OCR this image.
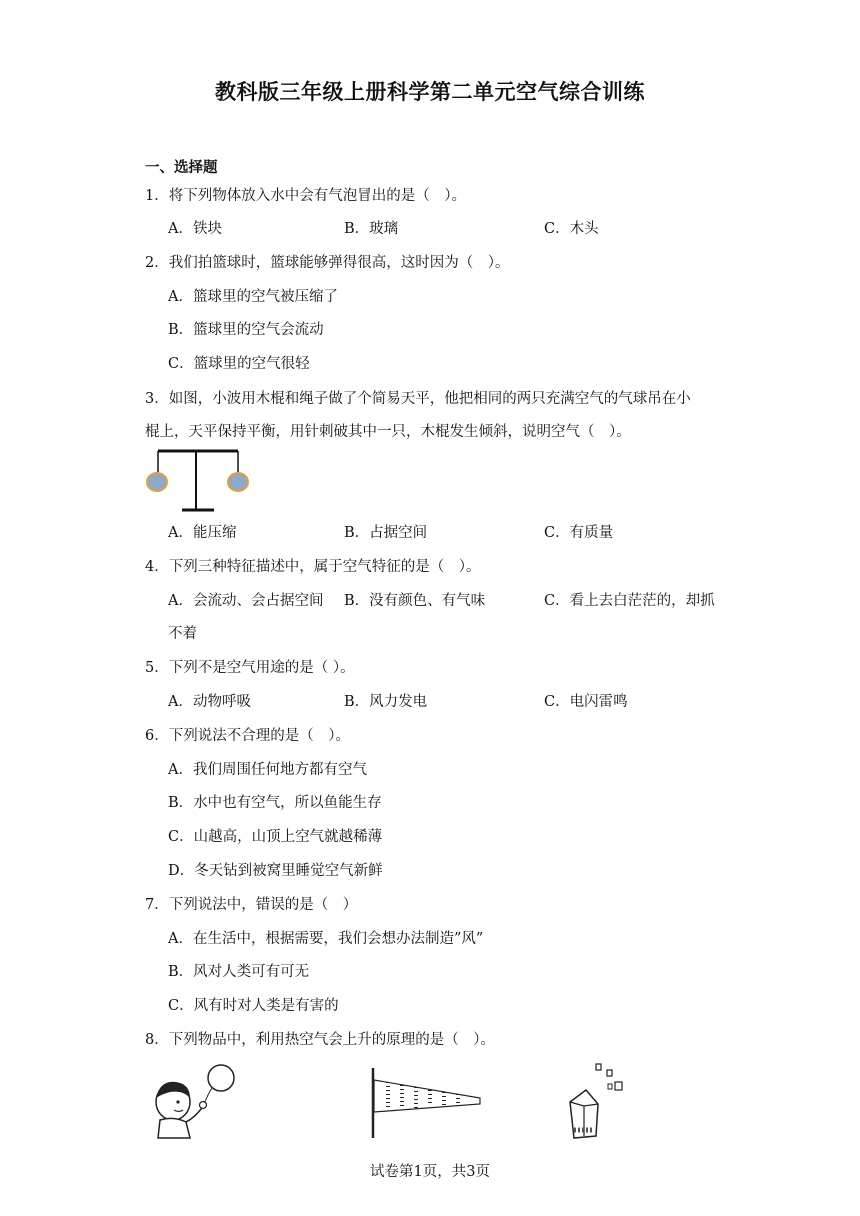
教科版三年级上册科学第二单元空气综合训练
一、选择题
1．将下列物体放入水中会有气泡冒出的是（　）。
A．铁块	B．玻璃	C．木头
2．我们拍篮球时，篮球能够弹得很高，这时因为（　）。
A．篮球里的空气被压缩了
B．篮球里的空气会流动
C．篮球里的空气很轻
3．如图，小波用木棍和绳子做了个简易天平，他把相同的两只充满空气的气球吊在小
棍上，天平保持平衡，用针刺破其中一只，木棍发生倾斜，说明空气（　）。
A．能压缩	B．占据空间	C．有质量
4．下列三种特征描述中，属于空气特征的是（　）。
A．会流动、会占据空间 B．没有颜色、有气味	C．看上去白茫茫的，却抓
不着
5．下列不是空气用途的是（ ）。
A．动物呼吸	B．风力发电	C．电闪雷鸣
6．下列说法不合理的是（　）。
A．我们周围任何地方都有空气
B．水中也有空气，所以鱼能生存
C．山越高，山顶上空气就越稀薄
D．冬天钻到被窝里睡觉空气新鲜
7．下列说法中，错误的是（　）
A．在生活中，根据需要，我们会想办法制造”风”
B．风对人类可有可无
C．风有时对人类是有害的
8．下列物品中，利用热空气会上升的原理的是（　）。
试卷第1页，共3页
